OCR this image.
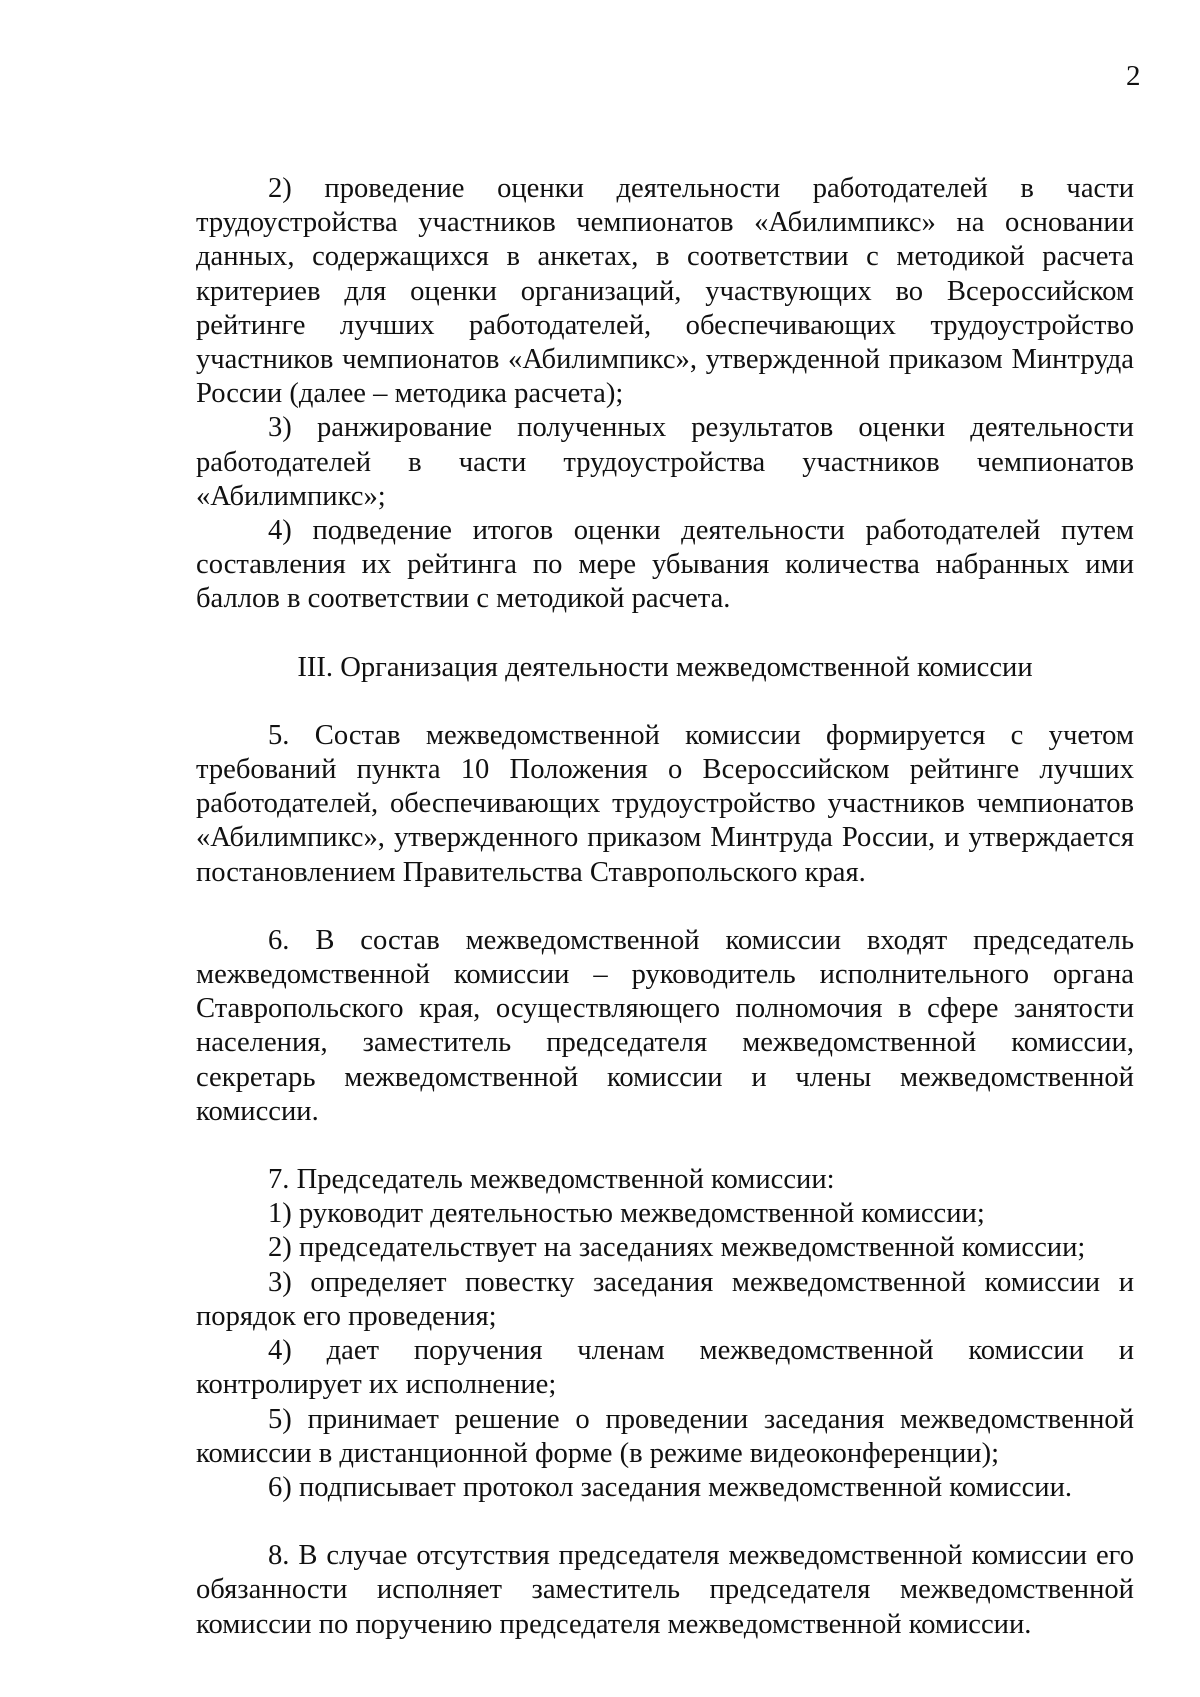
2

2) проведение оценки деятельности работодателей в части трудоустройства участников чемпионатов «Абилимпикс» на основании данных, содержащихся в анкетах, в соответствии с методикой расчета критериев для оценки организаций, участвующих во Всероссийском рейтинге лучших работодателей, обеспечивающих трудоустройство участников чемпионатов «Абилимпикс», утвержденной приказом Минтруда России (далее – методика расчета);

3) ранжирование полученных результатов оценки деятельности работодателей в части трудоустройства участников чемпионатов «Абилимпикс»;

4) подведение итогов оценки деятельности работодателей путем составления их рейтинга по мере убывания количества набранных ими баллов в соответствии с методикой расчета.

III. Организация деятельности межведомственной комиссии

5. Состав межведомственной комиссии формируется с учетом требований пункта 10 Положения о Всероссийском рейтинге лучших работодателей, обеспечивающих трудоустройство участников чемпионатов «Абилимпикс», утвержденного приказом Минтруда России, и утверждается постановлением Правительства Ставропольского края.

6. В состав межведомственной комиссии входят председатель межведомственной комиссии – руководитель исполнительного органа Ставропольского края, осуществляющего полномочия в сфере занятости населения, заместитель председателя межведомственной комиссии, секретарь межведомственной комиссии и члены межведомственной комиссии.

7. Председатель межведомственной комиссии:

1) руководит деятельностью межведомственной комиссии;

2) председательствует на заседаниях межведомственной комиссии;

3) определяет повестку заседания межведомственной комиссии и порядок его проведения;

4) дает поручения членам межведомственной комиссии и контролирует их исполнение;

5) принимает решение о проведении заседания межведомственной комиссии в дистанционной форме (в режиме видеоконференции);

6) подписывает протокол заседания межведомственной комиссии.

8. В случае отсутствия председателя межведомственной комиссии его обязанности исполняет заместитель председателя межведомственной комиссии по поручению председателя межведомственной комиссии.
